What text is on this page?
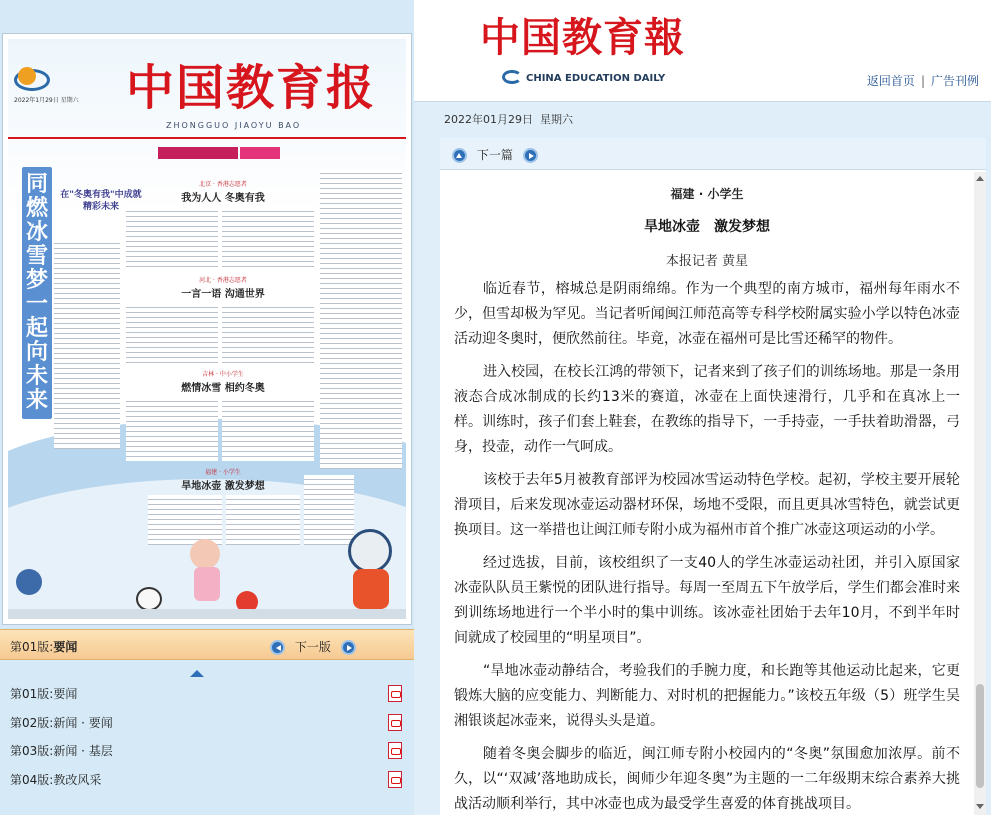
2022年1月29日 星期六 中国教育报
ZHONGGUO JIAOYU BAO
同燃冰雪梦 一起向未来
在"冬奥有我"中成就精彩未来
北京 · 香港志愿者
我为人人 冬奥有我
河北 · 香港志愿者
一言一语 沟通世界
吉林 · 中小学生
燃情冰雪 相约冬奥
福建 · 小学生
旱地冰壶 激发梦想
第01版:要闻	下一版
第01版:要闻
第02版:新闻 · 要闻
第03版:新闻 · 基层
第04版:教改风采
中国教育報
CHINA EDUCATION DAILY	返回首页 | 广告刊例
2022年01月29日 星期六
下一篇
福建 · 小学生
旱地冰壶　激发梦想
本报记者 黄星

临近春节，榕城总是阴雨绵绵。作为一个典型的南方城市，福州每年雨水不少，但雪却极为罕见。当记者听闻闽江师范高等专科学校附属实验小学以特色冰壶活动迎冬奥时，便欣然前往。毕竟，冰壶在福州可是比雪还稀罕的物件。

进入校园，在校长江鸿的带领下，记者来到了孩子们的训练场地。那是一条用液态合成冰制成的长约13米的赛道，冰壶在上面快速滑行，几乎和在真冰上一样。训练时，孩子们套上鞋套，在教练的指导下，一手持壶，一手扶着助滑器，弓身，投壶，动作一气呵成。

该校于去年5月被教育部评为校园冰雪运动特色学校。起初，学校主要开展轮滑项目，后来发现冰壶运动器材环保，场地不受限，而且更具冰雪特色，就尝试更换项目。这一举措也让闽江师专附小成为福州市首个推广冰壶这项运动的小学。

经过选拔，目前，该校组织了一支40人的学生冰壶运动社团，并引入原国家冰壶队队员王紫悦的团队进行指导。每周一至周五下午放学后，学生们都会准时来到训练场地进行一个半小时的集中训练。该冰壶社团始于去年10月，不到半年时间就成了校园里的“明星项目”。

“旱地冰壶动静结合，考验我们的手腕力度，和长跑等其他运动比起来，它更锻炼大脑的应变能力、判断能力、对时机的把握能力。”该校五年级（5）班学生吴湘银谈起冰壶来，说得头头是道。

随着冬奥会脚步的临近，闽江师专附小校园内的“冬奥”氛围愈加浓厚。前不久，以“‘双减’落地助成长，闽师少年迎冬奥”为主题的一二年级期末综合素养大挑战活动顺利举行，其中冰壶也成为最受学生喜爱的体育挑战项目。
